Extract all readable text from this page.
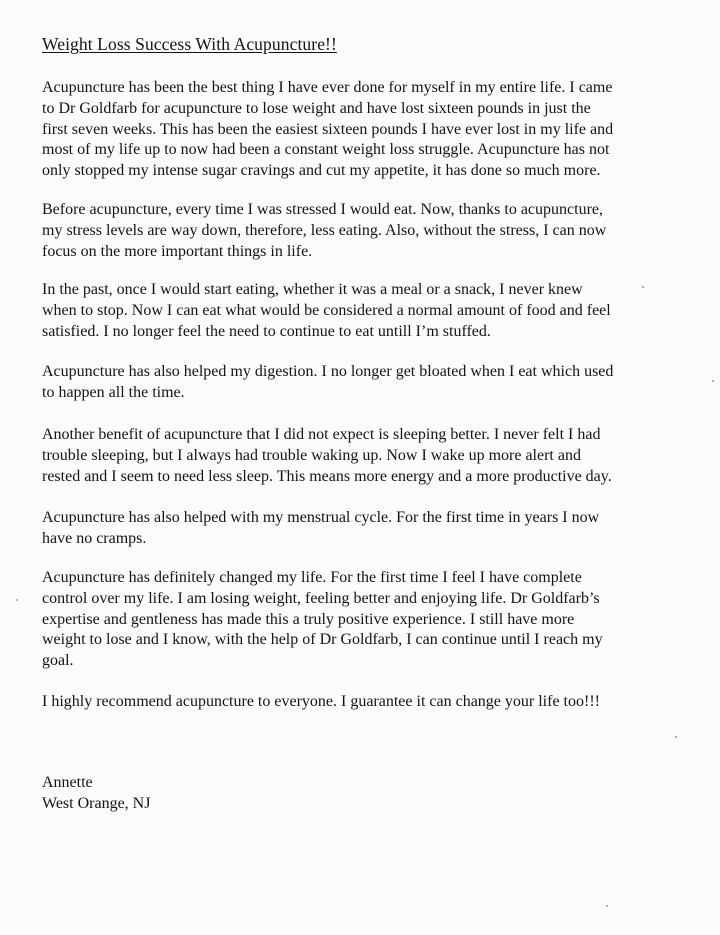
Weight Loss Success With Acupuncture!!

Acupuncture has been the best thing I have ever done for myself in my entire life. I came
to Dr Goldfarb for acupuncture to lose weight and have lost sixteen pounds in just the
first seven weeks. This has been the easiest sixteen pounds I have ever lost in my life and
most of my life up to now had been a constant weight loss struggle. Acupuncture has not
only stopped my intense sugar cravings and cut my appetite, it has done so much more.

Before acupuncture, every time I was stressed I would eat. Now, thanks to acupuncture,
my stress levels are way down, therefore, less eating. Also, without the stress, I can now
focus on the more important things in life.

In the past, once I would start eating, whether it was a meal or a snack, I never knew
when to stop. Now I can eat what would be considered a normal amount of food and feel
satisfied. I no longer feel the need to continue to eat untill I’m stuffed.

Acupuncture has also helped my digestion. I no longer get bloated when I eat which used
to happen all the time.

Another benefit of acupuncture that I did not expect is sleeping better. I never felt I had
trouble sleeping, but I always had trouble waking up. Now I wake up more alert and
rested and I seem to need less sleep. This means more energy and a more productive day.

Acupuncture has also helped with my menstrual cycle. For the first time in years I now
have no cramps.

Acupuncture has definitely changed my life. For the first time I feel I have complete
control over my life. I am losing weight, feeling better and enjoying life. Dr Goldfarb’s
expertise and gentleness has made this a truly positive experience. I still have more
weight to lose and I know, with the help of Dr Goldfarb, I can continue until I reach my
goal.

I highly recommend acupuncture to everyone. I guarantee it can change your life too!!!

Annette
West Orange, NJ
